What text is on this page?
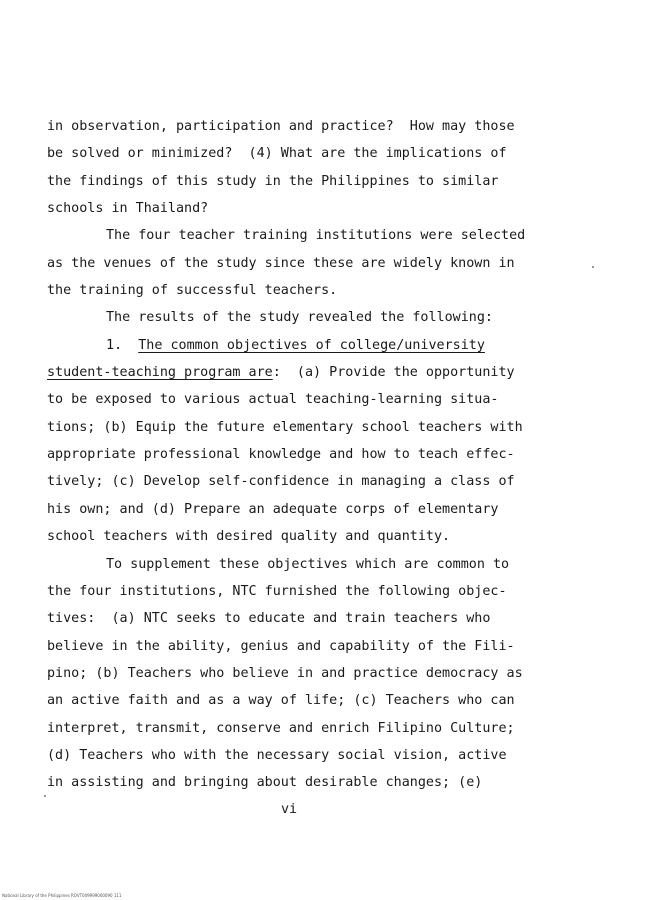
in observation, participation and practice?  How may those
be solved or minimized?  (4) What are the implications of
the findings of this study in the Philippines to similar
schools in Thailand?
The four teacher training institutions were selected
as the venues of the study since these are widely known in
the training of successful teachers.
The results of the study revealed the following:
1. The common objectives of college/university
student-teaching program are:  (a) Provide the opportunity
to be exposed to various actual teaching-learning situa-
tions; (b) Equip the future elementary school teachers with
appropriate professional knowledge and how to teach effec-
tively; (c) Develop self-confidence in managing a class of
his own; and (d) Prepare an adequate corps of elementary
school teachers with desired quality and quantity.
To supplement these objectives which are common to
the four institutions, NTC furnished the following objec-
tives:  (a) NTC seeks to educate and train teachers who
believe in the ability, genius and capability of the Fili-
pino; (b) Teachers who believe in and practice democracy as
an active faith and as a way of life; (c) Teachers who can
interpret, transmit, conserve and enrich Filipino Culture;
(d) Teachers who with the necessary social vision, active
in assisting and bringing about desirable changes; (e)
vi
National Library of the Philippines ROVT009999000090 111
